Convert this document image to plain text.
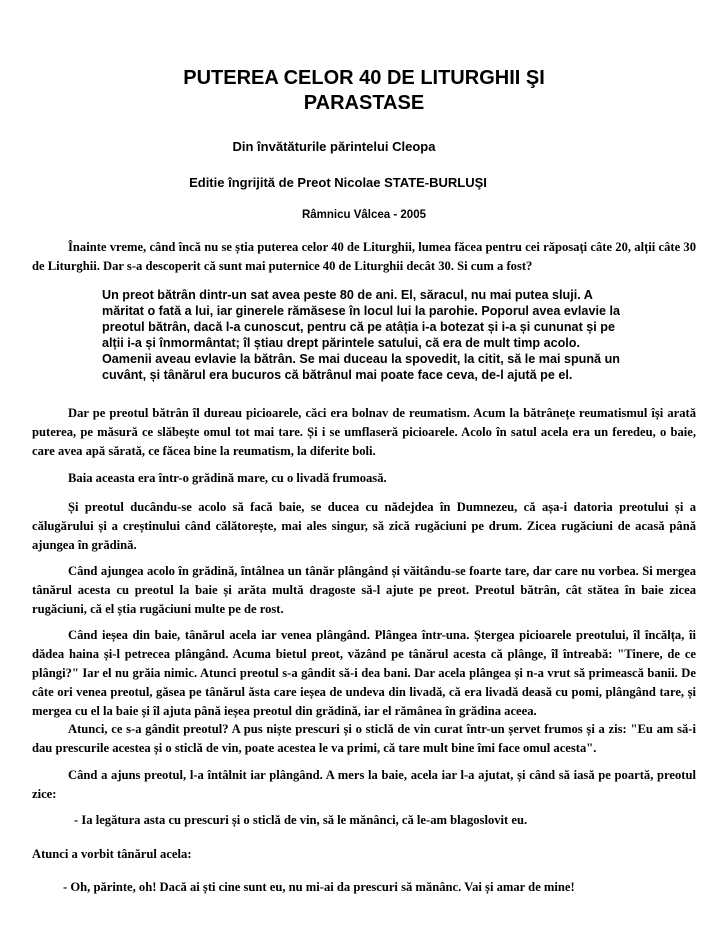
PUTEREA CELOR 40 DE LITURGHII ŞI
PARASTASE
Din învătăturile părintelui Cleopa
Editie îngrijită de Preot Nicolae STATE-BURLUŞI
Râmnicu Vâlcea - 2005

Înainte vreme, când încă nu se știa puterea celor 40 de Liturghii, lumea făcea pentru cei răposați câte 20, alții câte 30 de Liturghii. Dar s-a descoperit că sunt mai puternice 40 de Liturghii decât 30. Si cum a fost?

Un preot bătrân dintr-un sat avea peste 80 de ani. El, săracul, nu mai putea sluji. A măritat o fată a lui, iar ginerele rămăsese în locul lui la parohie. Poporul avea evlavie la preotul bătrân, dacă l-a cunoscut, pentru că pe atâția i-a botezat și i-a și cununat și pe alții i-a și înmormântat; îl știau drept părintele satului, că era de mult timp acolo. Oamenii aveau evlavie la bătrân. Se mai duceau la spovedit, la citit, să le mai spună un cuvânt, și tânărul era bucuros că bătrânul mai poate face ceva, de-l ajută pe el.

Dar pe preotul bătrân îl dureau picioarele, căci era bolnav de reumatism. Acum la bătrânețe reumatismul își arată puterea, pe măsură ce slăbește omul tot mai tare. Și i se umflaseră picioarele. Acolo în satul acela era un feredeu, o baie, care avea apă sărată, ce făcea bine la reumatism, la diferite boli.

Baia aceasta era într-o grădină mare, cu o livadă frumoasă.

Și preotul ducându-se acolo să facă baie, se ducea cu nădejdea în Dumnezeu, că așa-i datoria preotului și a călugărului și a creștinului când călătorește, mai ales singur, să zică rugăciuni pe drum. Zicea rugăciuni de acasă până ajungea în grădină.

Când ajungea acolo în grădină, întâlnea un tânăr plângând și văitându-se foarte tare, dar care nu vorbea. Si mergea tânărul acesta cu preotul la baie și arăta multă dragoste să-l ajute pe preot. Preotul bătrân, cât stătea în baie zicea rugăciuni, că el știa rugăciuni multe pe de rost.

Când ieșea din baie, tânărul acela iar venea plângând. Plângea într-una. Ștergea picioarele preotului, îl încălța, îi dădea haina și-l petrecea plângând. Acuma bietul preot, văzând pe tânărul acesta că plânge, îl întreabă: "Tinere, de ce plângi?" Iar el nu grăia nimic. Atunci preotul s-a gândit să-i dea bani. Dar acela plângea și n-a vrut să primească banii. De câte ori venea preotul, găsea pe tânărul ăsta care ieșea de undeva din livadă, că era livadă deasă cu pomi, plângând tare, și mergea cu el la baie și îl ajuta până ieșea preotul din grădină, iar el rămânea în grădina aceea.

Atunci, ce s-a gândit preotul? A pus niște prescuri și o sticlă de vin curat într-un șervet frumos și a zis: "Eu am să-i dau prescurile acestea și o sticlă de vin, poate acestea le va primi, că tare mult bine îmi face omul acesta".

Când a ajuns preotul, l-a întâlnit iar plângând. A mers la baie, acela iar l-a ajutat, și când să iasă pe poartă, preotul zice:

- Ia legătura asta cu prescuri și o sticlă de vin, să le mănânci, că le-am blagoslovit eu.

Atunci a vorbit tânărul acela:

- Oh, părinte, oh! Dacă ai ști cine sunt eu, nu mi-ai da prescuri să mănânc. Vai și amar de mine!
